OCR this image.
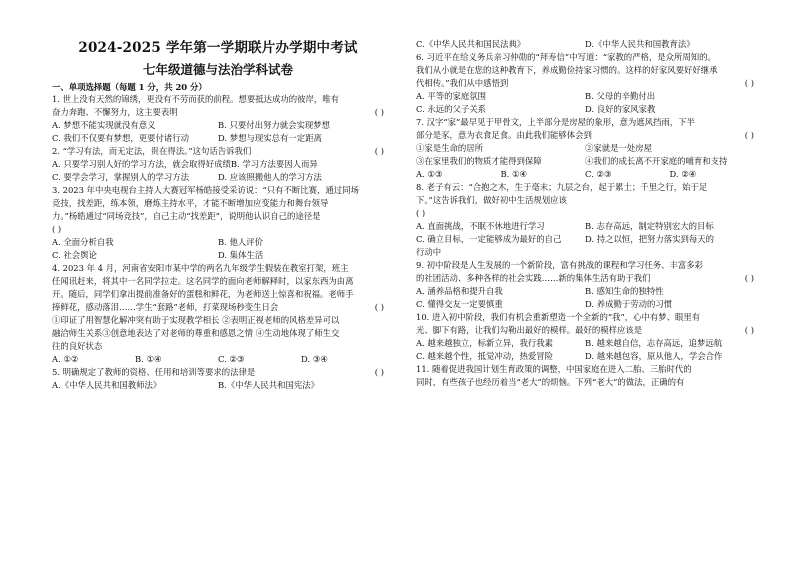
2024-2025 学年第一学期联片办学期中考试
七年级道德与法治学科试卷
一、单项选择题（每题 1 分，共 20 分）
1. 世上没有天然的锦绣，更没有不劳而获的前程。想要抵达成功的彼岸，唯有
奋力奔跑、不懈努力，这主要表明	( )
A. 梦想不能实现就没有意义	B. 只要付出努力就会实现梦想
C. 我们不仅要有梦想，更要付诸行动	D. 梦想与现实总有一定距离
2. “学习有法，而无定法，贵在得法。”这句话告诉我们	( )
A. 只要学习别人好的学习方法，就会取得好成绩 B. 学习方法要因人而异
C. 要学会学习，掌握别人的学习方法	D. 应该照搬他人的学习方法
3. 2023 年中央电视台主持人大赛冠军杨皓接受采访说：“只有不断比赛，通过同场
竞技，找差距，练本领，磨炼主持水平，才能不断增加应变能力和舞台领导
力。”杨皓通过“同场竞技”，自己主动“找差距”，说明他认识自己的途径是
( )
A. 全面分析自我	B. 他人评价
C. 社会舆论	D. 集体生活
4. 2023 年 4 月，河南省安阳市某中学的两名九年级学生假装在教室打架，班主
任闻讯赶来，将其中一名同学拉走。这名同学的面向老师解释时，以家东西为由离
开。随后，同学们拿出提前准备好的蛋糕和鲜花，为老师送上惊喜和祝福。老师手
捧鲜花，感动落泪……学生“套路”老师，打菜现场秒变生日会	( )
①印证了用智慧化解冲突有助于实现教学相长 ②表明正视老师的风格差异可以
融洽师生关系③创意地表达了对老师的尊重和感恩之情 ④生动地体现了师生交
往的良好状态
A. ①②	B. ①④	C. ②③	D. ③④
5. 明确规定了教师的资格、任用和培训等要求的法律是	( )
A.《中华人民共和国教师法》	B.《中华人民共和国宪法》
C.《中华人民共和国民法典》	D.《中华人民共和国教育法》
6. 习近平在给义务兵亲习仲勋的“拜寿信”中写道：“家教的严格，是众所周知的。
我们从小就是在您的这种教育下，养成勤俭持家习惯的。这样的好家风要好好继承
代相传。”我们从中感悟到	( )
A. 平等的家庭氛围	B. 父母的辛勤付出
C. 永远的父子关系	D. 良好的家风家教
7. 汉字“家”最早见于甲骨文，上半部分是房屋的象形，意为遮风挡雨，下半
部分是豕，意为衣食足食。由此我们能够体会到	( )
①家是生命的居所	②家就是一处房屋
③在家里我们的物质才能得到保障	④我们的成长离不开家庭的哺育和支持
A. ①③	B. ①④	C. ②③	D. ②④
8. 老子有云：“合抱之木，生于毫末；九层之台，起于累土；千里之行，始于足
下。”这告诉我们，做好初中生活规划应该
( )
A. 直面挑战，不眠不休地进行学习	B. 志存高远，制定特别宏大的目标
C. 确立目标，一定能够成为最好的自己	D. 持之以恒，把努力落实到每天的
行动中
9. 初中阶段是人生发展的一个新阶段，富有挑战的课程和学习任务、丰富多彩
的社团活动、多种各样的社会实践……新的集体生活有助于我们	( )
A. 涵养品格和提升自我	B. 感知生命的独特性
C. 懂得交友一定要慎重	D. 养成勤于劳动的习惯
10. 进入初中阶段，我们有机会重新塑造一个全新的“我”，心中有梦、眼里有
光、脚下有路，让我们勾勒出最好的模样。最好的模样应该是	( )
A. 越来越独立，标新立异，我行我素	B. 越来越自信，志存高远，追梦远航
C. 越来越个性，抵觉冲动，热爱冒险	D. 越来越包容，原从他人，学会合作
11. 随着促进我国计划生育政策的调整，中国家庭在进入二胎、三胎时代的
同时，有些孩子也经历着当“老大”的烦恼。下列“老大”的做法，正确的有
